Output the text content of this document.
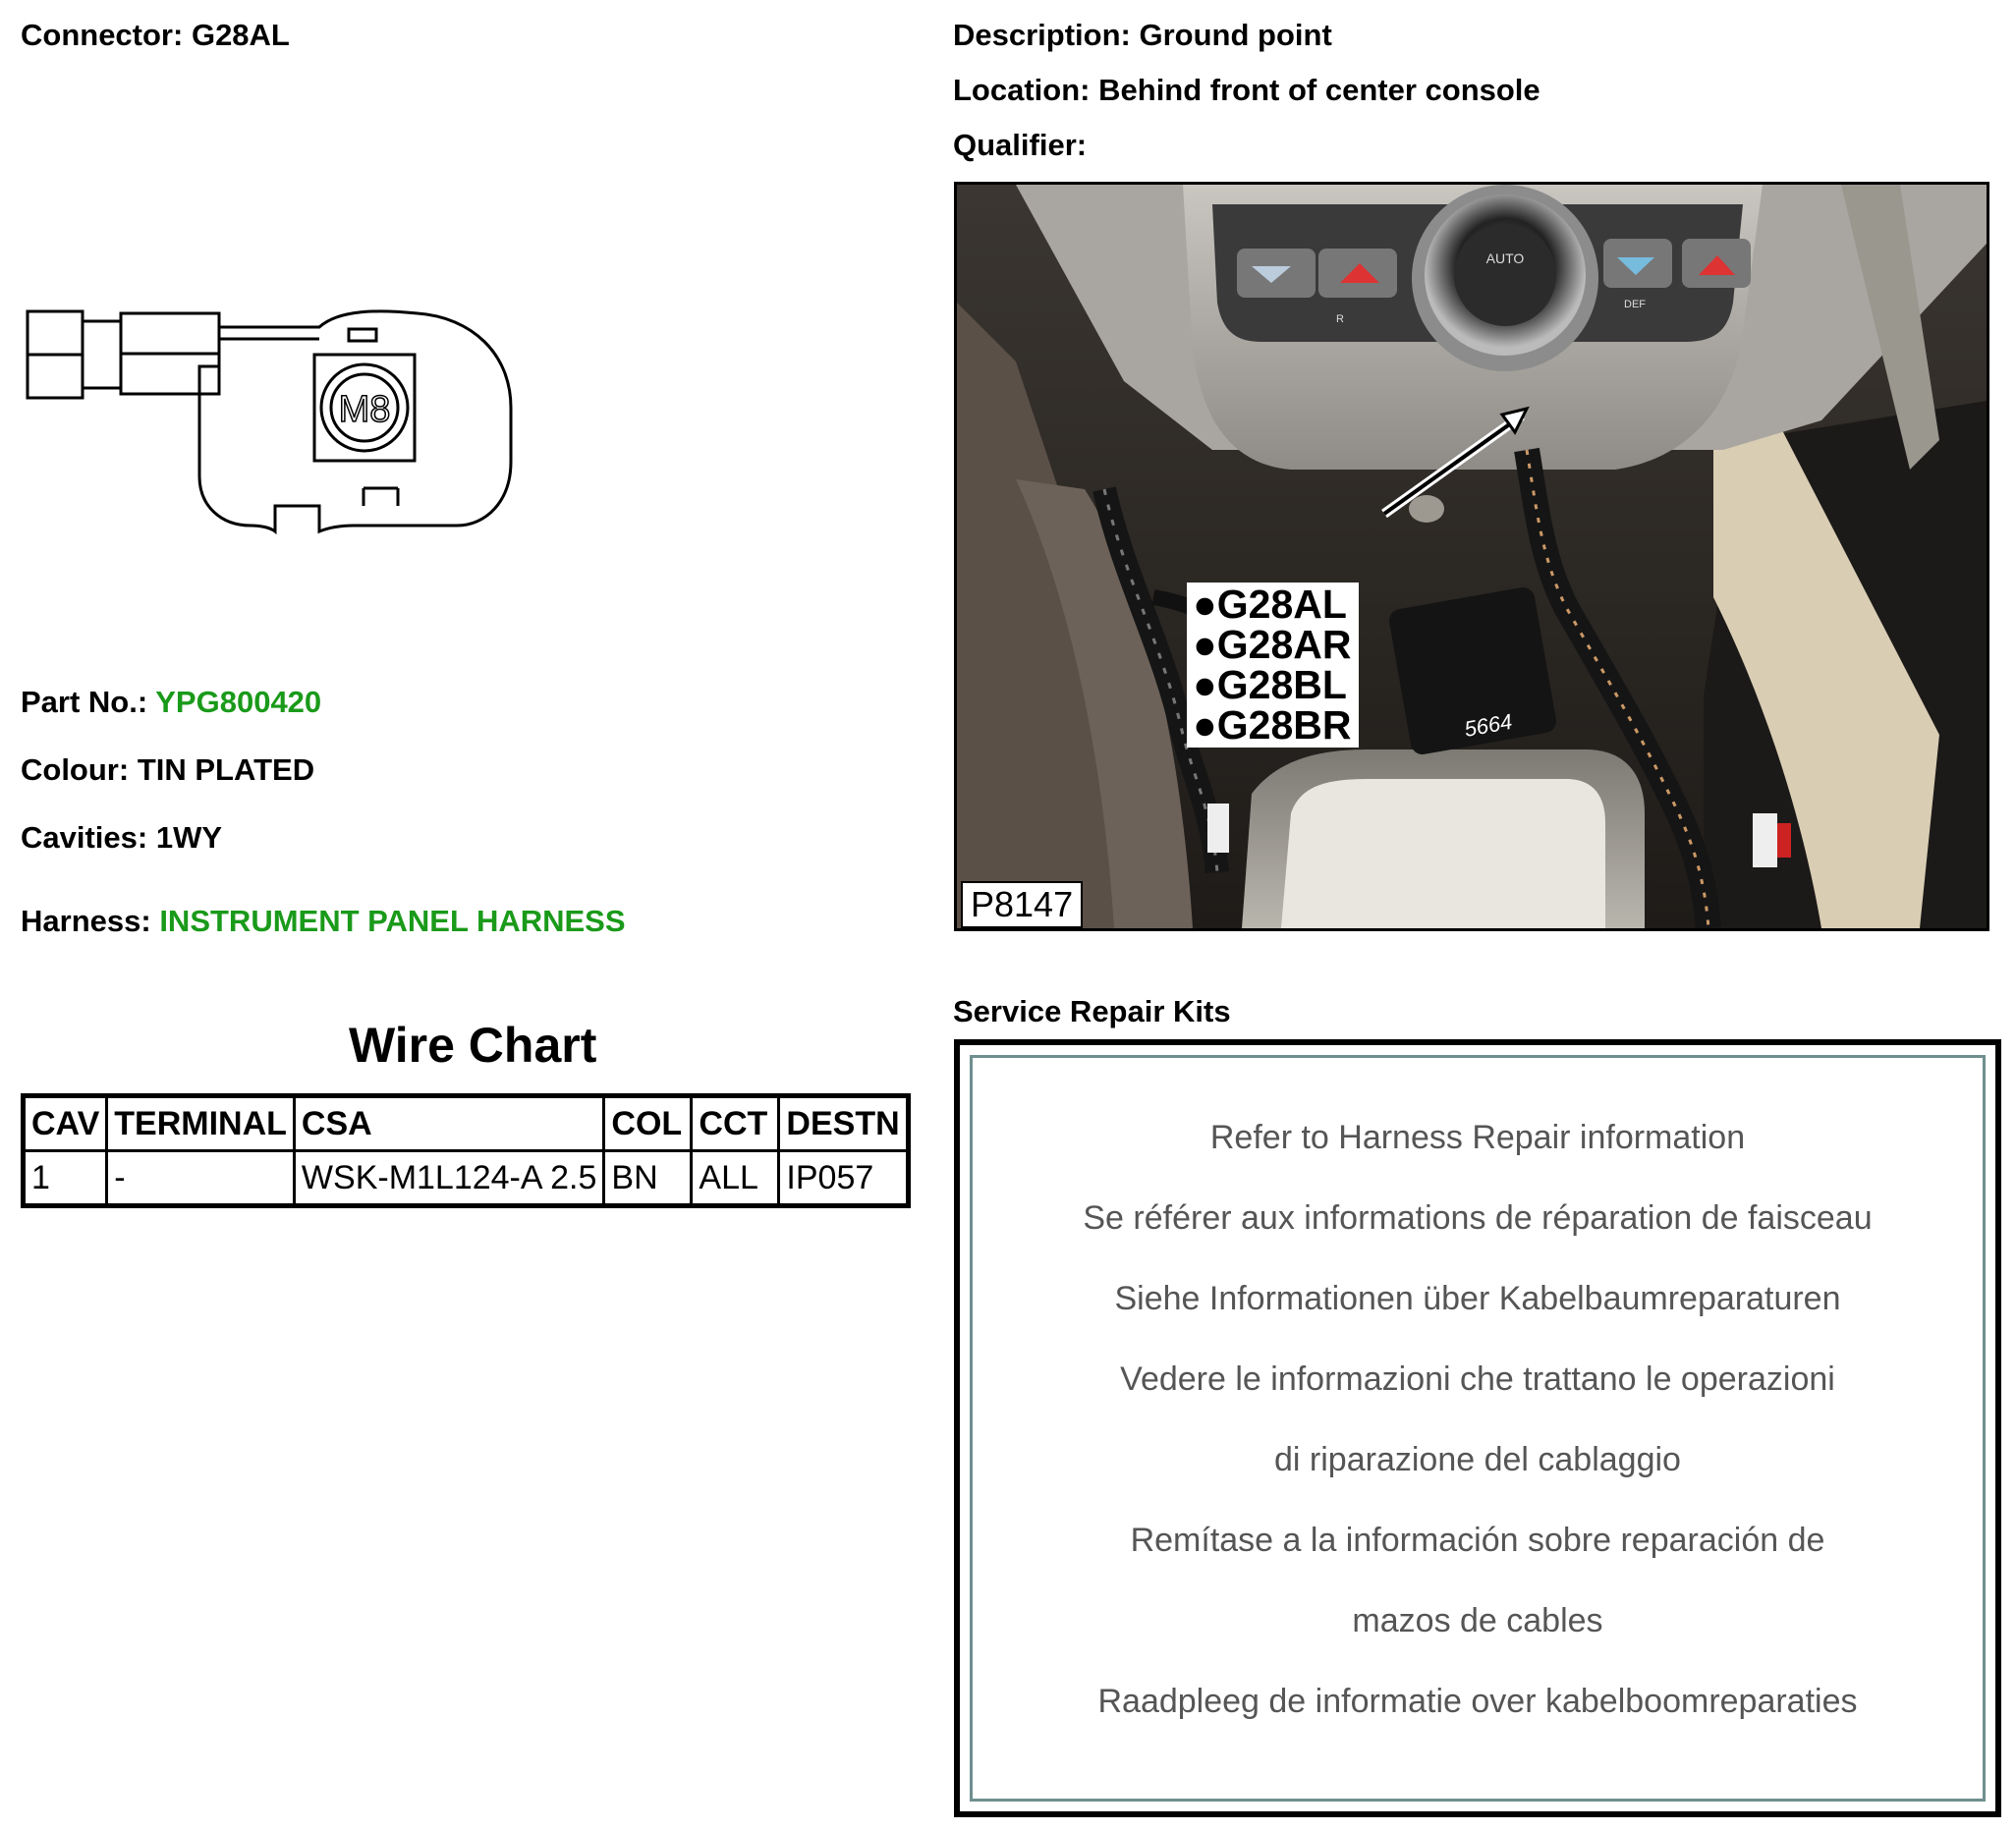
Connector: G28AL	Description: Ground point
Location: Behind front of center console
Qualifier:
M8
Part No.: YPG800420
Colour: TIN PLATED
Cavities: 1WY
Harness: INSTRUMENT PANEL HARNESS
Wire Chart
CAV	TERMINAL	CSA	COL	CCT	DESTN
1	-	WSK-M1L124-A 2.5	BN	ALL	IP057
AUTO
R
DEF
5664
●G28AL
●G28AR
●G28BL
●G28BR
P8147
Service Repair Kits
Refer to Harness Repair information
Se référer aux informations de réparation de faisceau
Siehe Informationen über Kabelbaumreparaturen
Vedere le informazioni che trattano le operazioni
di riparazione del cablaggio
Remítase a la información sobre reparación de
mazos de cables
Raadpleeg de informatie over kabelboomreparaties
